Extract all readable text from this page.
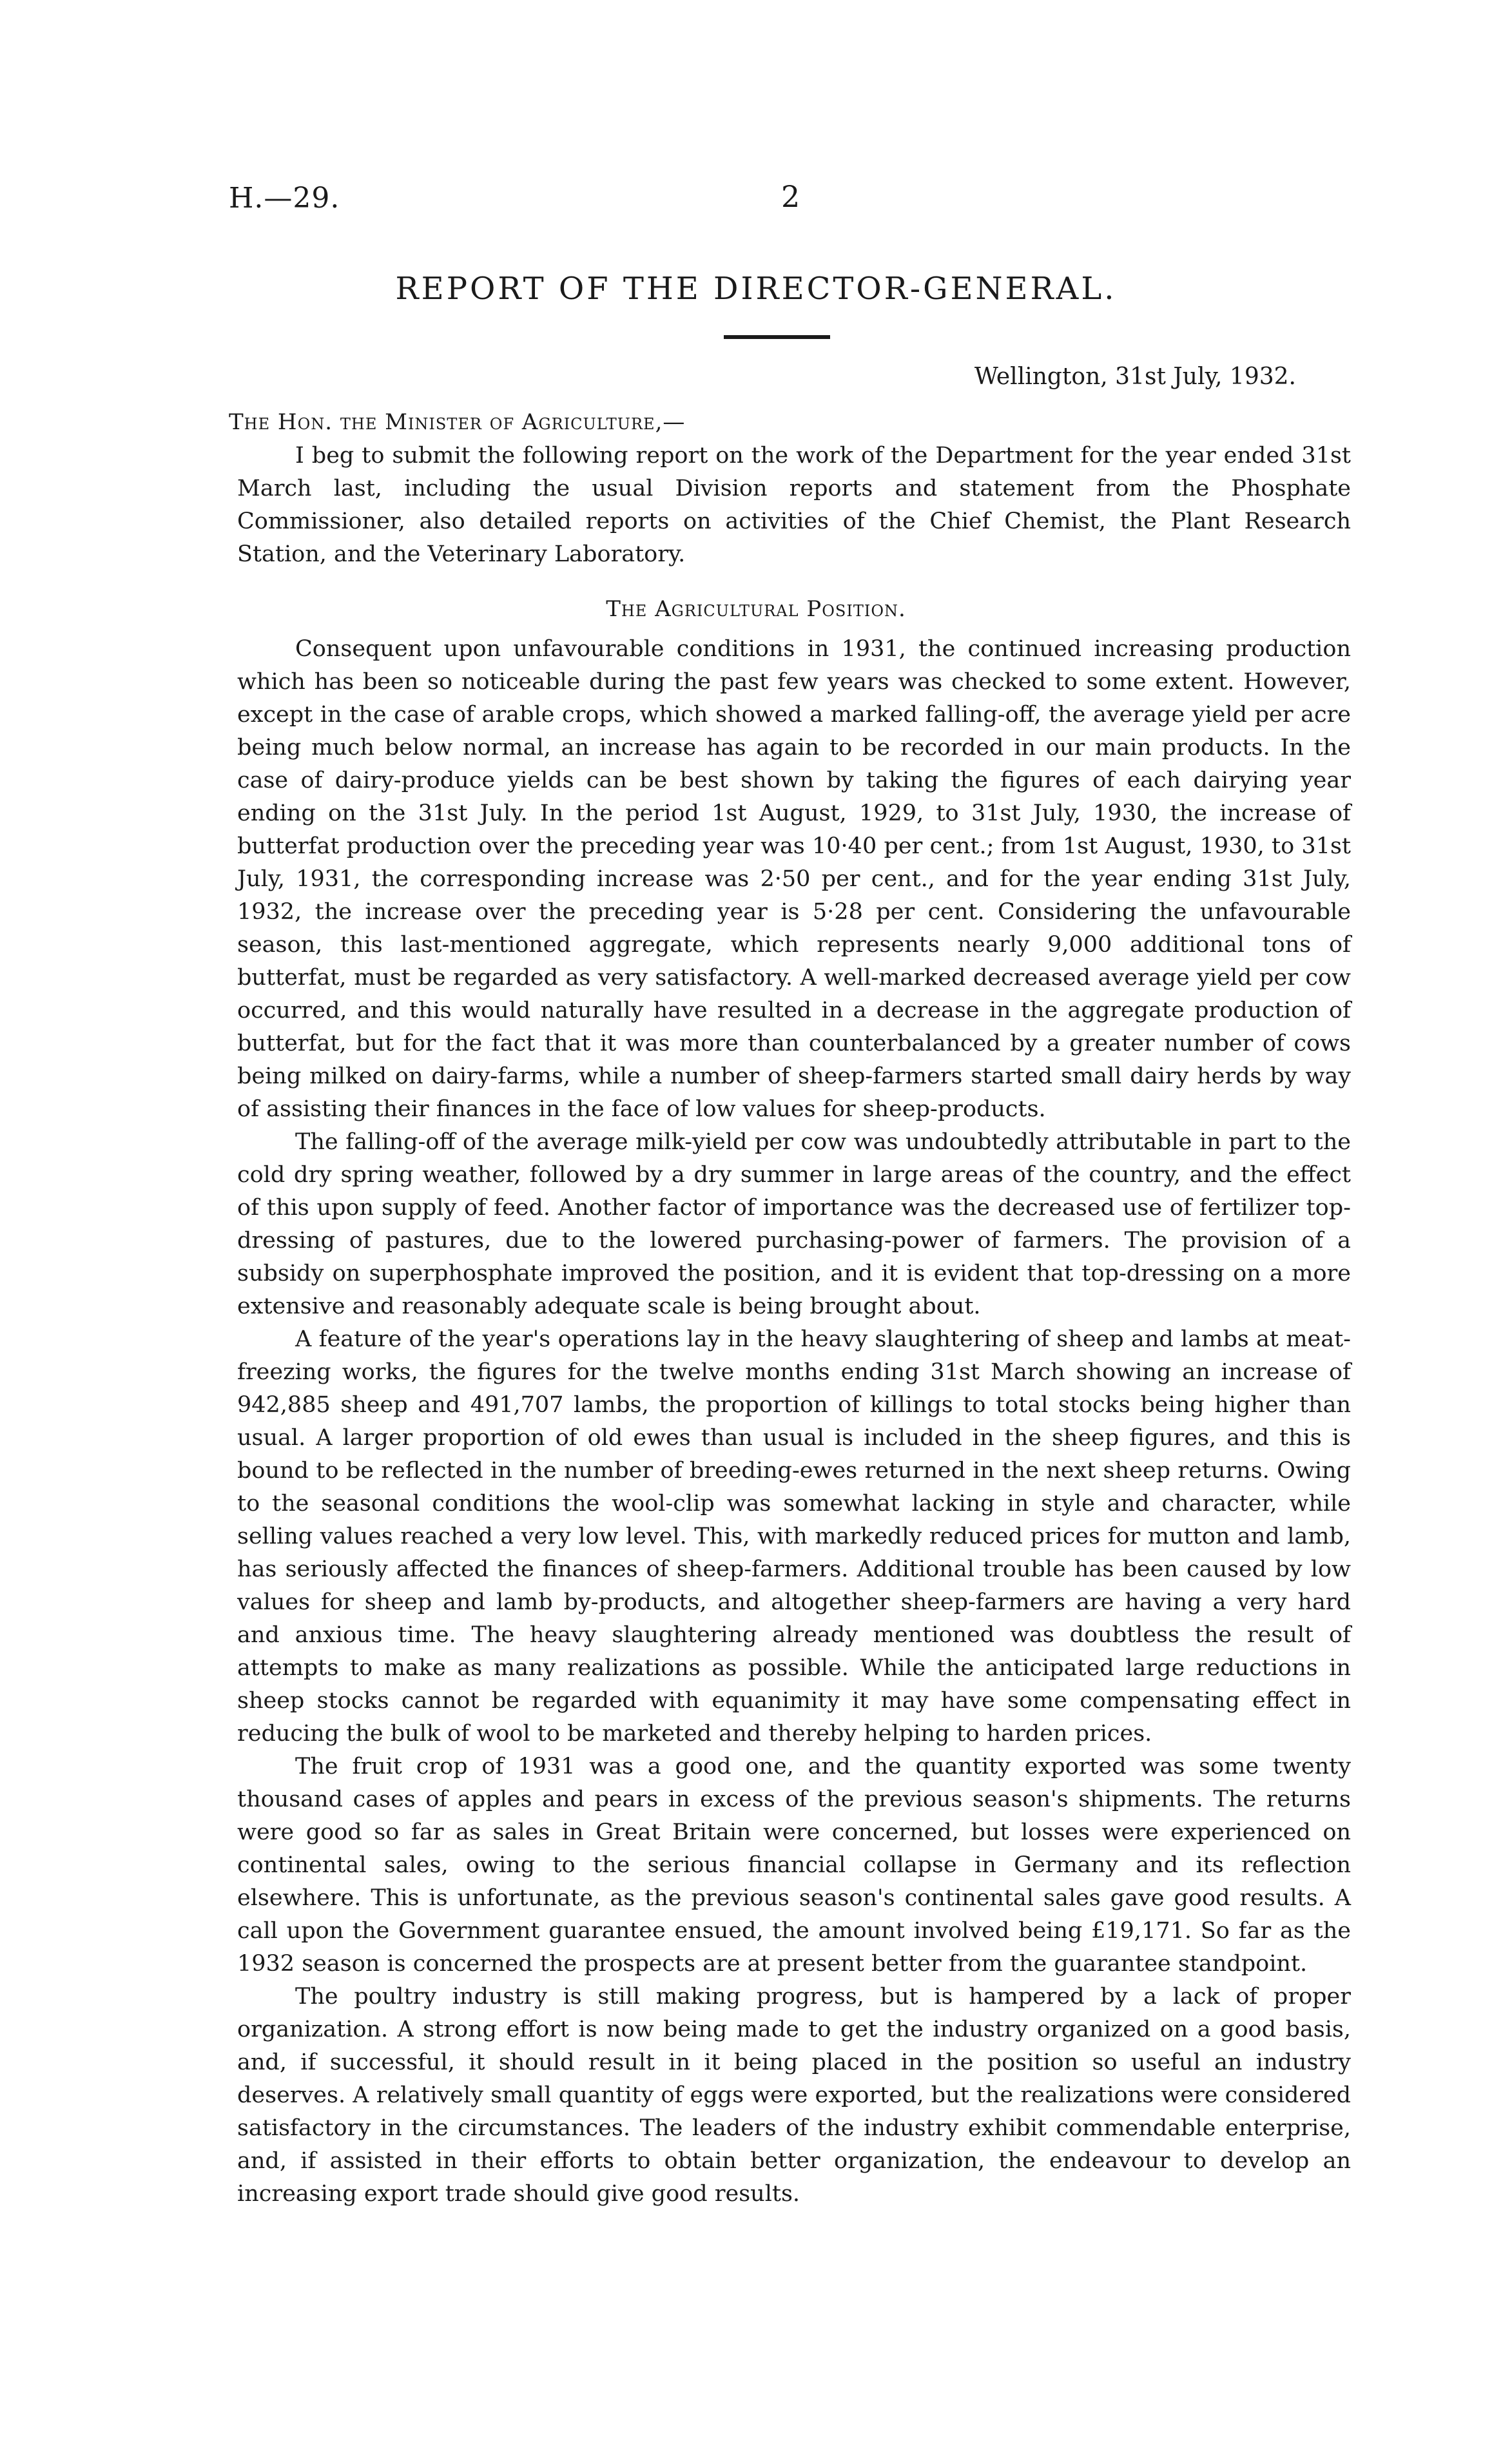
H.—29.	2
REPORT OF THE DIRECTOR-GENERAL.
Wellington, 31st July, 1932.
The Hon. the Minister of Agriculture,—

I beg to submit the following report on the work of the Department for the year ended 31st March last, including the usual Division reports and statement from the Phosphate Commissioner, also detailed reports on activities of the Chief Chemist, the Plant Research Station, and the Veterinary Laboratory.

The Agricultural Position.

Consequent upon unfavourable conditions in 1931, the continued increasing production which has been so noticeable during the past few years was checked to some extent. However, except in the case of arable crops, which showed a marked falling-off, the average yield per acre being much below normal, an increase has again to be recorded in our main products. In the case of dairy-produce yields can be best shown by taking the figures of each dairying year ending on the 31st July. In the period 1st August, 1929, to 31st July, 1930, the increase of butterfat production over the preceding year was 10·40 per cent.; from 1st August, 1930, to 31st July, 1931, the corresponding increase was 2·50 per cent., and for the year ending 31st July, 1932, the increase over the preceding year is 5·28 per cent. Considering the unfavourable season, this last-mentioned aggregate, which represents nearly 9,000 additional tons of butterfat, must be regarded as very satisfactory. A well-marked decreased average yield per cow occurred, and this would naturally have resulted in a decrease in the aggregate production of butterfat, but for the fact that it was more than counterbalanced by a greater number of cows being milked on dairy-farms, while a number of sheep-farmers started small dairy herds by way of assisting their finances in the face of low values for sheep-products.

The falling-off of the average milk-yield per cow was undoubtedly attributable in part to the cold dry spring weather, followed by a dry summer in large areas of the country, and the effect of this upon supply of feed. Another factor of importance was the decreased use of fertilizer top-dressing of pastures, due to the lowered purchasing-power of farmers. The provision of a subsidy on superphosphate improved the position, and it is evident that top-dressing on a more extensive and reasonably adequate scale is being brought about.

A feature of the year's operations lay in the heavy slaughtering of sheep and lambs at meat-freezing works, the figures for the twelve months ending 31st March showing an increase of 942,885 sheep and 491,707 lambs, the proportion of killings to total stocks being higher than usual. A larger proportion of old ewes than usual is included in the sheep figures, and this is bound to be reflected in the number of breeding-ewes returned in the next sheep returns. Owing to the seasonal conditions the wool-clip was somewhat lacking in style and character, while selling values reached a very low level. This, with markedly reduced prices for mutton and lamb, has seriously affected the finances of sheep-farmers. Additional trouble has been caused by low values for sheep and lamb by-products, and altogether sheep-farmers are having a very hard and anxious time. The heavy slaughtering already mentioned was doubtless the result of attempts to make as many realizations as possible. While the anticipated large reductions in sheep stocks cannot be regarded with equanimity it may have some compensating effect in reducing the bulk of wool to be marketed and thereby helping to harden prices.

The fruit crop of 1931 was a good one, and the quantity exported was some twenty thousand cases of apples and pears in excess of the previous season's shipments. The returns were good so far as sales in Great Britain were concerned, but losses were experienced on continental sales, owing to the serious financial collapse in Germany and its reflection elsewhere. This is unfortunate, as the previous season's continental sales gave good results. A call upon the Government guarantee ensued, the amount involved being £19,171. So far as the 1932 season is concerned the prospects are at present better from the guarantee standpoint.

The poultry industry is still making progress, but is hampered by a lack of proper organization. A strong effort is now being made to get the industry organized on a good basis, and, if successful, it should result in it being placed in the position so useful an industry deserves. A relatively small quantity of eggs were exported, but the realizations were considered satisfactory in the circumstances. The leaders of the industry exhibit commendable enterprise, and, if assisted in their efforts to obtain better organization, the endeavour to develop an increasing export trade should give good results.
